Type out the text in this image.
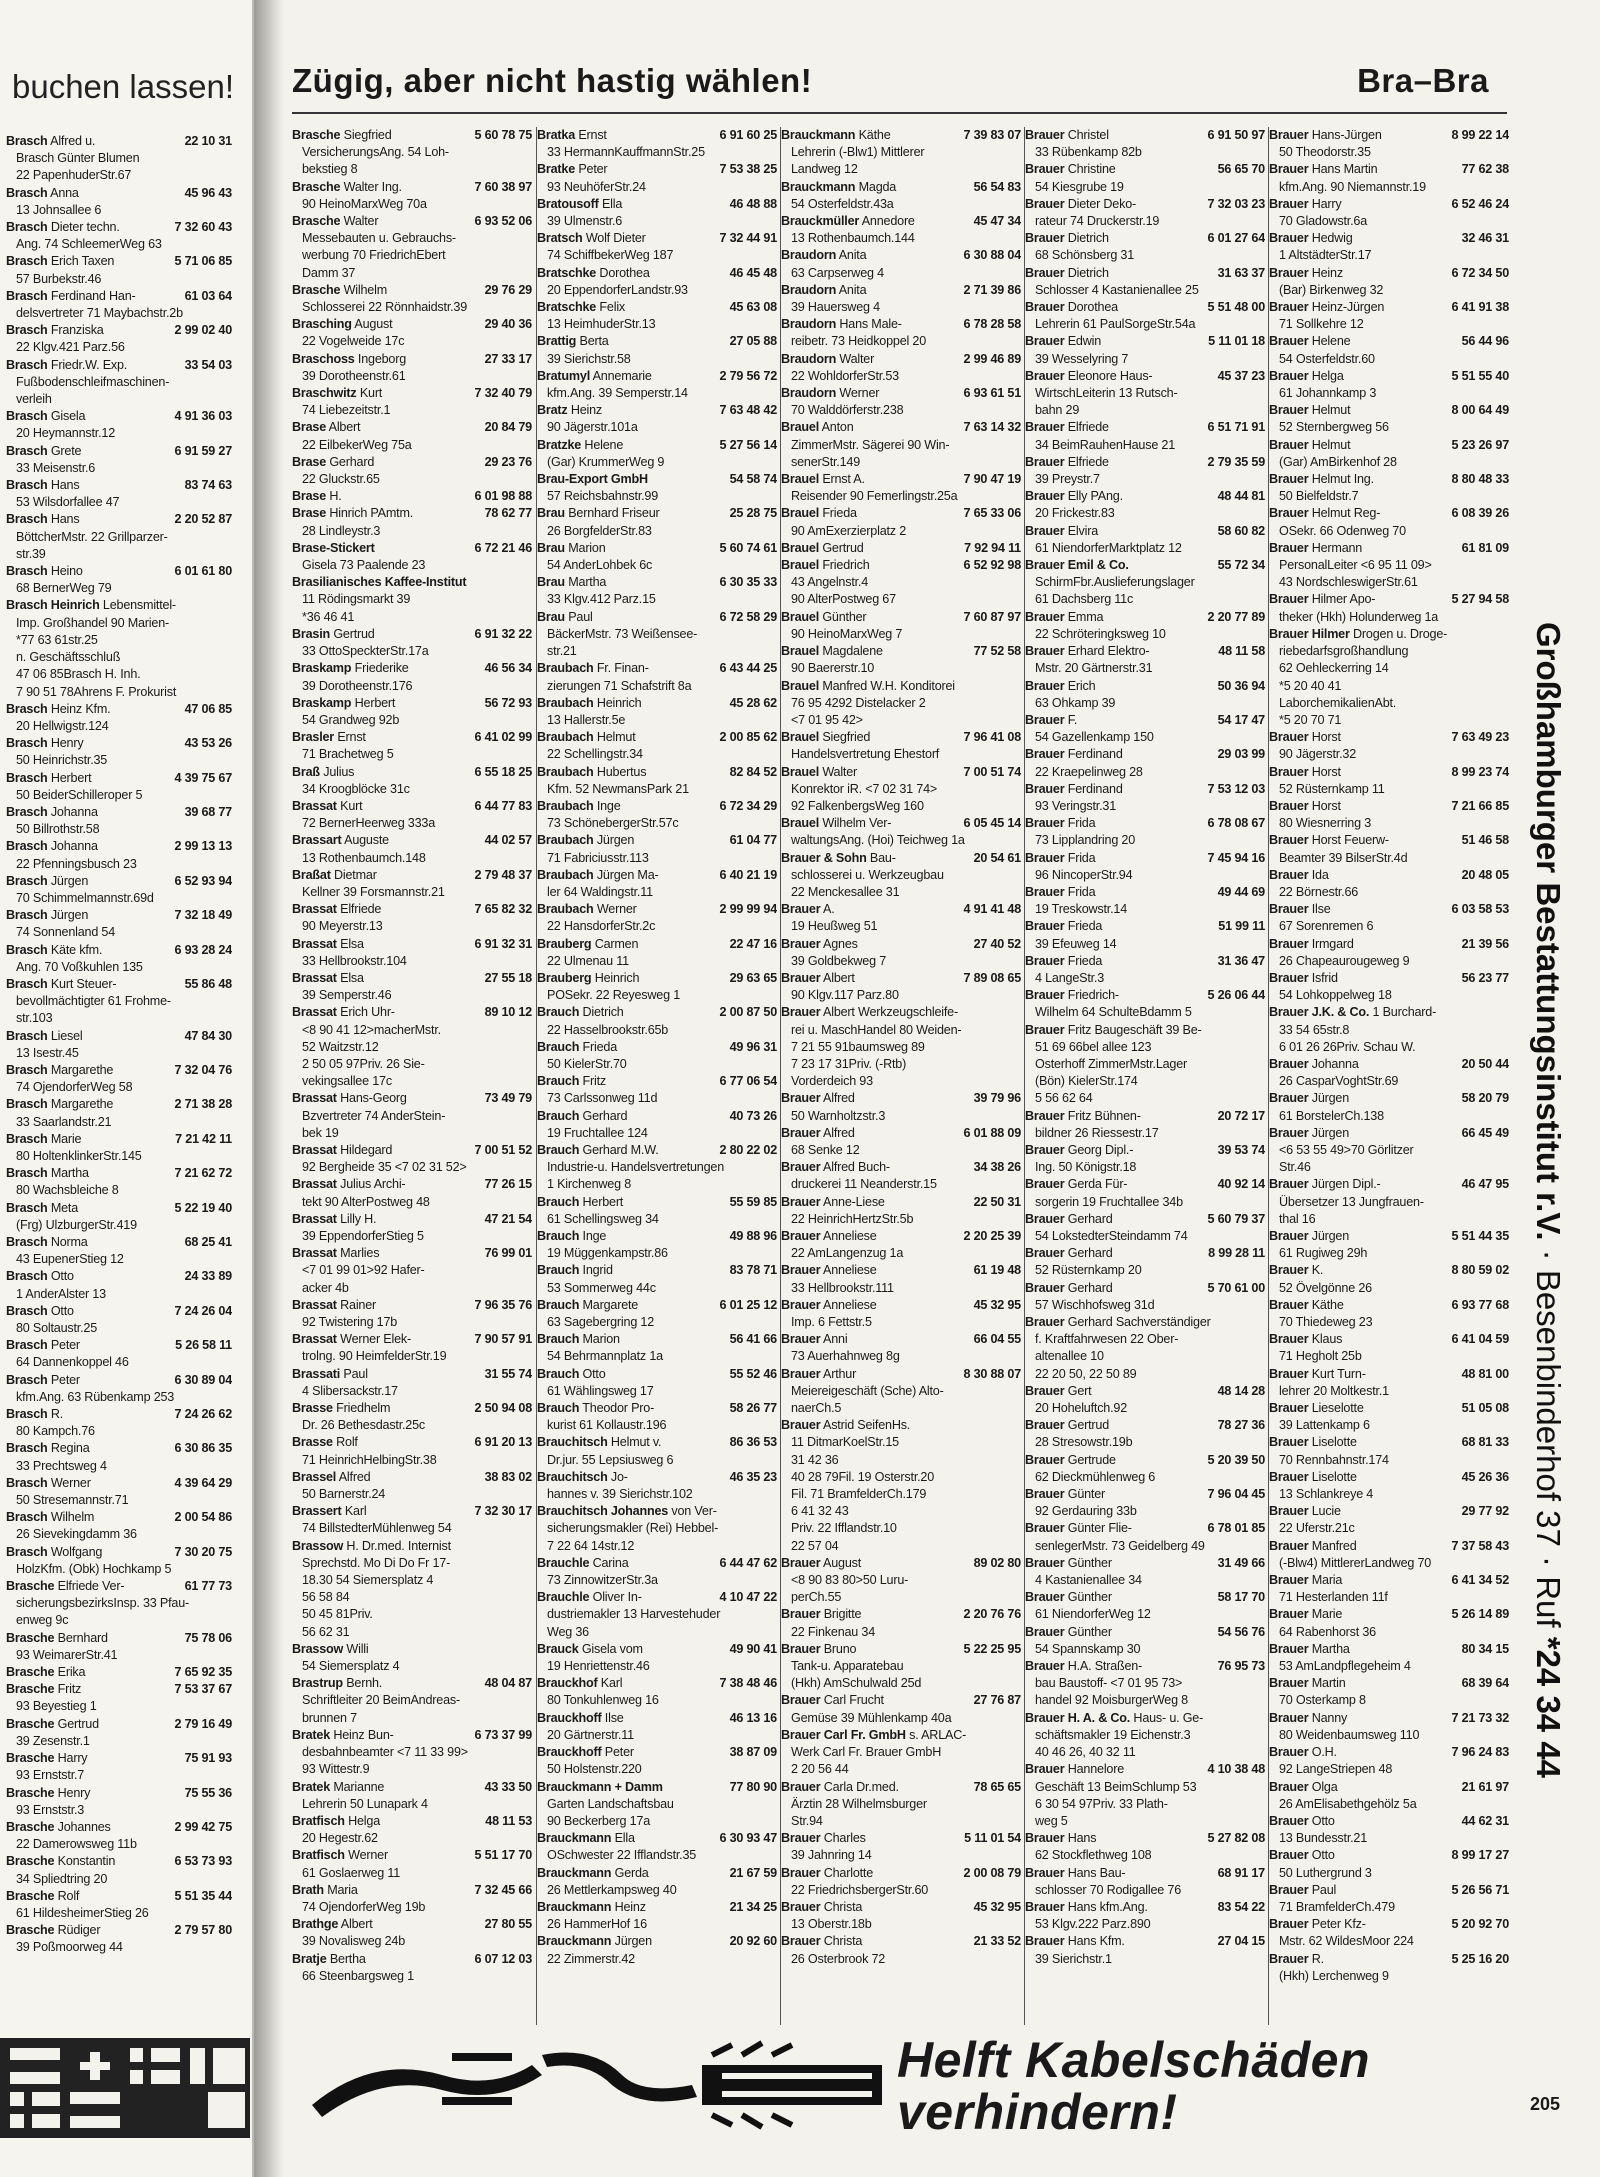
buchen lassen!
22 10 31
Brasch Alfred u.
Brasch Günter Blumen
22 PapenhuderStr.67
45 96 43
Brasch Anna
13 Johnsallee 6
7 32 60 43
Brasch Dieter techn.
Ang. 74 SchleemerWeg 63
5 71 06 85
Brasch Erich Taxen
57 Burbekstr.46
61 03 64
Brasch Ferdinand Han-
delsvertreter 71 Maybachstr.2b
2 99 02 40
Brasch Franziska
22 Klgv.421 Parz.56
33 54 03
Brasch Friedr.W. Exp.
Fußbodenschleifmaschinen-
verleih
4 91 36 03
Brasch Gisela
20 Heymannstr.12
6 91 59 27
Brasch Grete
33 Meisenstr.6
83 74 63
Brasch Hans
53 Wilsdorfallee 47
2 20 52 87
Brasch Hans
BöttcherMstr. 22 Grillparzer-
str.39
6 01 61 80
Brasch Heino
68 BernerWeg 79
Brasch Heinrich Lebensmittel-
Imp. Großhandel 90 Marien-
*77 63 61str.25
n. Geschäftsschluß
47 06 85Brasch H. Inh.
7 90 51 78Ahrens F. Prokurist
47 06 85
Brasch Heinz Kfm.
20 Hellwigstr.124
43 53 26
Brasch Henry
50 Heinrichstr.35
4 39 75 67
Brasch Herbert
50 BeiderSchilleroper 5
39 68 77
Brasch Johanna
50 Billrothstr.58
2 99 13 13
Brasch Johanna
22 Pfenningsbusch 23
6 52 93 94
Brasch Jürgen
70 Schimmelmannstr.69d
7 32 18 49
Brasch Jürgen
74 Sonnenland 54
6 93 28 24
Brasch Käte kfm.
Ang. 70 Voßkuhlen 135
55 86 48
Brasch Kurt Steuer-
bevollmächtigter 61 Frohme-
str.103
47 84 30
Brasch Liesel
13 Isestr.45
7 32 04 76
Brasch Margarethe
74 OjendorferWeg 58
2 71 38 28
Brasch Margarethe
33 Saarlandstr.21
7 21 42 11
Brasch Marie
80 HoltenklinkerStr.145
7 21 62 72
Brasch Martha
80 Wachsbleiche 8
5 22 19 40
Brasch Meta
(Frg) UlzburgerStr.419
68 25 41
Brasch Norma
43 EupenerStieg 12
24 33 89
Brasch Otto
1 AnderAlster 13
7 24 26 04
Brasch Otto
80 Soltaustr.25
5 26 58 11
Brasch Peter
64 Dannenkoppel 46
6 30 89 04
Brasch Peter
kfm.Ang. 63 Rübenkamp 253
7 24 26 62
Brasch R.
80 Kampch.76
6 30 86 35
Brasch Regina
33 Prechtsweg 4
4 39 64 29
Brasch Werner
50 Stresemannstr.71
2 00 54 86
Brasch Wilhelm
26 Sievekingdamm 36
7 30 20 75
Brasch Wolfgang
HolzKfm. (Obk) Hochkamp 5
61 77 73
Brasche Elfriede Ver-
sicherungsbezirksInsp. 33 Pfau-
enweg 9c
75 78 06
Brasche Bernhard
93 WeimarerStr.41
7 65 92 35
Brasche Erika
7 53 37 67
Brasche Fritz
93 Beyestieg 1
2 79 16 49
Brasche Gertrud
39 Zesenstr.1
75 91 93
Brasche Harry
93 Ernststr.7
75 55 36
Brasche Henry
93 Ernststr.3
2 99 42 75
Brasche Johannes
22 Damerowsweg 11b
6 53 73 93
Brasche Konstantin
34 Spliedtring 20
5 51 35 44
Brasche Rolf
61 HildesheimerStieg 26
2 79 57 80
Brasche Rüdiger
39 Poßmoorweg 44
Zügig, aber nicht hastig wählen!	Bra–Bra
5 60 78 75
Brasche Siegfried
VersicherungsAng. 54 Loh-
bekstieg 8
7 60 38 97
Brasche Walter Ing.
90 HeinoMarxWeg 70a
6 93 52 06
Brasche Walter
Messebauten u. Gebrauchs-
werbung 70 FriedrichEbert
Damm 37
29 76 29
Brasche Wilhelm
Schlosserei 22 Rönnhaidstr.39
29 40 36
Brasching August
22 Vogelweide 17c
27 33 17
Braschoss Ingeborg
39 Dorotheenstr.61
7 32 40 79
Braschwitz Kurt
74 Liebezeitstr.1
20 84 79
Brase Albert
22 EilbekerWeg 75a
29 23 76
Brase Gerhard
22 Gluckstr.65
6 01 98 88
Brase H.
78 62 77
Brase Hinrich PAmtm.
28 Lindleystr.3
6 72 21 46
Brase-Stickert
Gisela 73 Paalende 23
Brasilianisches Kaffee-Institut
11 Rödingsmarkt 39
*36 46 41
6 91 32 22
Brasin Gertrud
33 OttoSpeckterStr.17a
46 56 34
Braskamp Friederike
39 Dorotheenstr.176
56 72 93
Braskamp Herbert
54 Grandweg 92b
6 41 02 99
Brasler Ernst
71 Brachetweg 5
6 55 18 25
Braß Julius
34 Kroogblöcke 31c
6 44 77 83
Brassat Kurt
72 BernerHeerweg 333a
44 02 57
Brassart Auguste
13 Rothenbaumch.148
2 79 48 37
Braßat Dietmar
Kellner 39 Forsmannstr.21
7 65 82 32
Brassat Elfriede
90 Meyerstr.13
6 91 32 31
Brassat Elsa
33 Hellbrookstr.104
27 55 18
Brassat Elsa
39 Semperstr.46
89 10 12
Brassat Erich Uhr-
<8 90 41 12>macherMstr.
52 Waitzstr.12
2 50 05 97Priv. 26 Sie-
vekingsallee 17c
73 49 79
Brassat Hans-Georg
Bzvertreter 74 AnderStein-
bek 19
7 00 51 52
Brassat Hildegard
92 Bergheide 35 <7 02 31 52>
77 26 15
Brassat Julius Archi-
tekt 90 AlterPostweg 48
47 21 54
Brassat Lilly H.
39 EppendorferStieg 5
76 99 01
Brassat Marlies
<7 01 99 01>92 Hafer-
acker 4b
7 96 35 76
Brassat Rainer
92 Twistering 17b
7 90 57 91
Brassat Werner Elek-
trolng. 90 HeimfelderStr.19
31 55 74
Brassati Paul
4 Slibersackstr.17
2 50 94 08
Brasse Friedhelm
Dr. 26 Bethesdastr.25c
6 91 20 13
Brasse Rolf
71 HeinrichHelbingStr.38
38 83 02
Brassel Alfred
50 Barnerstr.24
7 32 30 17
Brassert Karl
74 BillstedterMühlenweg 54
Brassow H. Dr.med. Internist
Sprechstd. Mo Di Do Fr 17-
18.30 54 Siemersplatz 4
56 58 84
50 45 81Priv.
56 62 31
Brassow Willi
54 Siemersplatz 4
48 04 87
Brastrup Bernh.
Schriftleiter 20 BeimAndreas-
brunnen 7
6 73 37 99
Bratek Heinz Bun-
desbahnbeamter <7 11 33 99>
93 Wittestr.9
43 33 50
Bratek Marianne
Lehrerin 50 Lunapark 4
48 11 53
Bratfisch Helga
20 Hegestr.62
5 51 17 70
Bratfisch Werner
61 Goslaerweg 11
7 32 45 66
Brath Maria
74 OjendorferWeg 19b
27 80 55
Brathge Albert
39 Novalisweg 24b
6 07 12 03
Bratje Bertha
66 Steenbargsweg 1
6 91 60 25
Bratka Ernst
33 HermannKauffmannStr.25
7 53 38 25
Bratke Peter
93 NeuhöferStr.24
46 48 88
Bratousoff Ella
39 Ulmenstr.6
7 32 44 91
Bratsch Wolf Dieter
74 SchiffbekerWeg 187
46 45 48
Bratschke Dorothea
20 EppendorferLandstr.93
45 63 08
Bratschke Felix
13 HeimhuderStr.13
27 05 88
Brattig Berta
39 Sierichstr.58
2 79 56 72
Bratumyl Annemarie
kfm.Ang. 39 Semperstr.14
7 63 48 42
Bratz Heinz
90 Jägerstr.101a
5 27 56 14
Bratzke Helene
(Gar) KrummerWeg 9
54 58 74
Brau-Export GmbH
57 Reichsbahnstr.99
25 28 75
Brau Bernhard Friseur
26 BorgfelderStr.83
5 60 74 61
Brau Marion
54 AnderLohbek 6c
6 30 35 33
Brau Martha
33 Klgv.412 Parz.15
6 72 58 29
Brau Paul
BäckerMstr. 73 Weißensee-
str.21
6 43 44 25
Braubach Fr. Finan-
zierungen 71 Schafstrift 8a
45 28 62
Braubach Heinrich
13 Hallerstr.5e
2 00 85 62
Braubach Helmut
22 Schellingstr.34
82 84 52
Braubach Hubertus
Kfm. 52 NewmansPark 21
6 72 34 29
Braubach Inge
73 SchönebergerStr.57c
61 04 77
Braubach Jürgen
71 Fabriciusstr.113
6 40 21 19
Braubach Jürgen Ma-
ler 64 Waldingstr.11
2 99 99 94
Braubach Werner
22 HansdorferStr.2c
22 47 16
Brauberg Carmen
22 Ulmenau 11
29 63 65
Brauberg Heinrich
POSekr. 22 Reyesweg 1
2 00 87 50
Brauch Dietrich
22 Hasselbrookstr.65b
49 96 31
Brauch Frieda
50 KielerStr.70
6 77 06 54
Brauch Fritz
73 Carlssonweg 11d
40 73 26
Brauch Gerhard
19 Fruchtallee 124
2 80 22 02
Brauch Gerhard M.W.
Industrie-u. Handelsvertretungen
1 Kirchenweg 8
55 59 85
Brauch Herbert
61 Schellingsweg 34
49 88 96
Brauch Inge
19 Müggenkampstr.86
83 78 71
Brauch Ingrid
53 Sommerweg 44c
6 01 25 12
Brauch Margarete
63 Sagebergring 12
56 41 66
Brauch Marion
54 Behrmannplatz 1a
55 52 46
Brauch Otto
61 Wählingsweg 17
58 26 77
Brauch Theodor Pro-
kurist 61 Kollaustr.196
86 36 53
Brauchitsch Helmut v.
Dr.jur. 55 Lepsiusweg 6
46 35 23
Brauchitsch Jo-
hannes v. 39 Sierichstr.102
Brauchitsch Johannes von Ver-
sicherungsmakler (Rei) Hebbel-
7 22 64 14str.12
6 44 47 62
Brauchle Carina
73 ZinnowitzerStr.3a
4 10 47 22
Brauchle Oliver In-
dustriemakler 13 Harvestehuder
Weg 36
49 90 41
Brauck Gisela vom
19 Henriettenstr.46
7 38 48 46
Brauckhof Karl
80 Tonkuhlenweg 16
46 13 16
Brauckhoff Ilse
20 Gärtnerstr.11
38 87 09
Brauckhoff Peter
50 Holstenstr.220
77 80 90
Brauckmann + Damm
Garten Landschaftsbau
90 Beckerberg 17a
6 30 93 47
Brauckmann Ella
OSchwester 22 Ifflandstr.35
21 67 59
Brauckmann Gerda
26 Mettlerkampsweg 40
21 34 25
Brauckmann Heinz
26 HammerHof 16
20 92 60
Brauckmann Jürgen
22 Zimmerstr.42
7 39 83 07
Brauckmann Käthe
Lehrerin (-Blw1) Mittlerer
Landweg 12
56 54 83
Brauckmann Magda
54 Osterfeldstr.43a
45 47 34
Brauckmüller Annedore
13 Rothenbaumch.144
6 30 88 04
Braudorn Anita
63 Carpserweg 4
2 71 39 86
Braudorn Anita
39 Hauersweg 4
6 78 28 58
Braudorn Hans Male-
reibetr. 73 Heidkoppel 20
2 99 46 89
Braudorn Walter
22 WohldorferStr.53
6 93 61 51
Braudorn Werner
70 Walddörferstr.238
7 63 14 32
Brauel Anton
ZimmerMstr. Sägerei 90 Win-
senerStr.149
7 90 47 19
Brauel Ernst A.
Reisender 90 Femerlingstr.25a
7 65 33 06
Brauel Frieda
90 AmExerzierplatz 2
7 92 94 11
Brauel Gertrud
6 52 92 98
Brauel Friedrich
43 Angelnstr.4
90 AlterPostweg 67
7 60 87 97
Brauel Günther
90 HeinoMarxWeg 7
77 52 58
Brauel Magdalene
90 Baererstr.10
Brauel Manfred W.H. Konditorei
76 95 4292 Distelacker 2
<7 01 95 42>
7 96 41 08
Brauel Siegfried
Handelsvertretung Ehestorf
7 00 51 74
Brauel Walter
Konrektor iR. <7 02 31 74>
92 FalkenbergsWeg 160
6 05 45 14
Brauel Wilhelm Ver-
waltungsAng. (Hoi) Teichweg 1a
20 54 61
Brauer & Sohn Bau-
schlosserei u. Werkzeugbau
22 Menckesallee 31
4 91 41 48
Brauer A.
19 Heußweg 51
27 40 52
Brauer Agnes
39 Goldbekweg 7
7 89 08 65
Brauer Albert
90 Klgv.117 Parz.80
Brauer Albert Werkzeugschleife-
rei u. MaschHandel 80 Weiden-
7 21 55 91baumsweg 89
7 23 17 31Priv. (-Rtb)
Vorderdeich 93
39 79 96
Brauer Alfred
50 Warnholtzstr.3
6 01 88 09
Brauer Alfred
68 Senke 12
34 38 26
Brauer Alfred Buch-
druckerei 11 Neanderstr.15
22 50 31
Brauer Anne-Liese
22 HeinrichHertzStr.5b
2 20 25 39
Brauer Anneliese
22 AmLangenzug 1a
61 19 48
Brauer Anneliese
33 Hellbrookstr.111
45 32 95
Brauer Anneliese
Imp. 6 Fettstr.5
66 04 55
Brauer Anni
73 Auerhahnweg 8g
8 30 88 07
Brauer Arthur
Meiereigeschäft (Sche) Alto-
naerCh.5
Brauer Astrid SeifenHs.
11 DitmarKoelStr.15
31 42 36
40 28 79Fil. 19 Osterstr.20
Fil. 71 BramfelderCh.179
6 41 32 43
Priv. 22 Ifflandstr.10
22 57 04
89 02 80
Brauer August
<8 90 83 80>50 Luru-
perCh.55
2 20 76 76
Brauer Brigitte
22 Finkenau 34
5 22 25 95
Brauer Bruno
Tank-u. Apparatebau
(Hkh) AmSchulwald 25d
27 76 87
Brauer Carl Frucht
Gemüse 39 Mühlenkamp 40a
Brauer Carl Fr. GmbH s. ARLAC-
Werk Carl Fr. Brauer GmbH
2 20 56 44
78 65 65
Brauer Carla Dr.med.
Ärztin 28 Wilhelmsburger
Str.94
5 11 01 54
Brauer Charles
39 Jahnring 14
2 00 08 79
Brauer Charlotte
22 FriedrichsbergerStr.60
45 32 95
Brauer Christa
13 Oberstr.18b
21 33 52
Brauer Christa
26 Osterbrook 72
6 91 50 97
Brauer Christel
33 Rübenkamp 82b
56 65 70
Brauer Christine
54 Kiesgrube 19
7 32 03 23
Brauer Dieter Deko-
rateur 74 Druckerstr.19
6 01 27 64
Brauer Dietrich
68 Schönsberg 31
31 63 37
Brauer Dietrich
Schlosser 4 Kastanienallee 25
5 51 48 00
Brauer Dorothea
Lehrerin 61 PaulSorgeStr.54a
5 11 01 18
Brauer Edwin
39 Wesselyring 7
45 37 23
Brauer Eleonore Haus-
WirtschLeiterin 13 Rutsch-
bahn 29
6 51 71 91
Brauer Elfriede
34 BeimRauhenHause 21
2 79 35 59
Brauer Elfriede
39 Preystr.7
48 44 81
Brauer Elly PAng.
20 Frickestr.83
58 60 82
Brauer Elvira
61 NiendorferMarktplatz 12
55 72 34
Brauer Emil & Co.
SchirmFbr.Auslieferungslager
61 Dachsberg 11c
2 20 77 89
Brauer Emma
22 Schröteringksweg 10
48 11 58
Brauer Erhard Elektro-
Mstr. 20 Gärtnerstr.31
50 36 94
Brauer Erich
63 Ohkamp 39
54 17 47
Brauer F.
54 Gazellenkamp 150
29 03 99
Brauer Ferdinand
22 Kraepelinweg 28
7 53 12 03
Brauer Ferdinand
93 Veringstr.31
6 78 08 67
Brauer Frida
73 Lipplandring 20
7 45 94 16
Brauer Frida
96 NincoperStr.94
49 44 69
Brauer Frida
19 Treskowstr.14
51 99 11
Brauer Frieda
39 Efeuweg 14
31 36 47
Brauer Frieda
4 LangeStr.3
5 26 06 44
Brauer Friedrich-
Wilhelm 64 SchulteBdamm 5
Brauer Fritz Baugeschäft 39 Be-
51 69 66bel allee 123
Osterhoff ZimmerMstr.Lager
(Bön) KielerStr.174
5 56 62 64
20 72 17
Brauer Fritz Bühnen-
bildner 26 Riessestr.17
39 53 74
Brauer Georg Dipl.-
Ing. 50 Königstr.18
40 92 14
Brauer Gerda Für-
sorgerin 19 Fruchtallee 34b
5 60 79 37
Brauer Gerhard
54 LokstedterSteindamm 74
8 99 28 11
Brauer Gerhard
52 Rüsternkamp 20
5 70 61 00
Brauer Gerhard
57 Wischhofsweg 31d
Brauer Gerhard Sachverständiger
f. Kraftfahrwesen 22 Ober-
altenallee 10
22 20 50, 22 50 89
48 14 28
Brauer Gert
20 Hoheluftch.92
78 27 36
Brauer Gertrud
28 Stresowstr.19b
5 20 39 50
Brauer Gertrude
62 Dieckmühlenweg 6
7 96 04 45
Brauer Günter
92 Gerdauring 33b
6 78 01 85
Brauer Günter Flie-
senlegerMstr. 73 Geidelberg 49
31 49 66
Brauer Günther
4 Kastanienallee 34
58 17 70
Brauer Günther
61 NiendorferWeg 12
54 56 76
Brauer Günther
54 Spannskamp 30
76 95 73
Brauer H.A. Straßen-
bau Baustoff- <7 01 95 73>
handel 92 MoisburgerWeg 8
Brauer H. A. & Co. Haus- u. Ge-
schäftsmakler 19 Eichenstr.3
40 46 26, 40 32 11
4 10 38 48
Brauer Hannelore
Geschäft 13 BeimSchlump 53
6 30 54 97Priv. 33 Plath-
weg 5
5 27 82 08
Brauer Hans
62 Stockflethweg 108
68 91 17
Brauer Hans Bau-
schlosser 70 Rodigallee 76
83 54 22
Brauer Hans kfm.Ang.
53 Klgv.222 Parz.890
27 04 15
Brauer Hans Kfm.
39 Sierichstr.1
8 99 22 14
Brauer Hans-Jürgen
50 Theodorstr.35
77 62 38
Brauer Hans Martin
kfm.Ang. 90 Niemannstr.19
6 52 46 24
Brauer Harry
70 Gladowstr.6a
32 46 31
Brauer Hedwig
1 AltstädterStr.17
6 72 34 50
Brauer Heinz
(Bar) Birkenweg 32
6 41 91 38
Brauer Heinz-Jürgen
71 Sollkehre 12
56 44 96
Brauer Helene
54 Osterfeldstr.60
5 51 55 40
Brauer Helga
61 Johannkamp 3
8 00 64 49
Brauer Helmut
52 Sternbergweg 56
5 23 26 97
Brauer Helmut
(Gar) AmBirkenhof 28
8 80 48 33
Brauer Helmut Ing.
50 Bielfeldstr.7
6 08 39 26
Brauer Helmut Reg-
OSekr. 66 Odenweg 70
61 81 09
Brauer Hermann
PersonalLeiter <6 95 11 09>
43 NordschleswigerStr.61
5 27 94 58
Brauer Hilmer Apo-
theker (Hkh) Holunderweg 1a
Brauer Hilmer Drogen u. Droge-
riebedarfsgroßhandlung
62 Oehleckerring 14
*5 20 40 41
LaborchemikalienAbt.
*5 20 70 71
7 63 49 23
Brauer Horst
90 Jägerstr.32
8 99 23 74
Brauer Horst
52 Rüsternkamp 11
7 21 66 85
Brauer Horst
80 Wiesnerring 3
51 46 58
Brauer Horst Feuerw-
Beamter 39 BilserStr.4d
20 48 05
Brauer Ida
22 Börnestr.66
6 03 58 53
Brauer Ilse
67 Sorenremen 6
21 39 56
Brauer Irmgard
26 Chapeaurougeweg 9
56 23 77
Brauer Isfrid
54 Lohkoppelweg 18
Brauer J.K. & Co. 1 Burchard-
33 54 65str.8
6 01 26 26Priv. Schau W.
20 50 44
Brauer Johanna
26 CasparVoghtStr.69
58 20 79
Brauer Jürgen
61 BorstelerCh.138
66 45 49
Brauer Jürgen
<6 53 55 49>70 Görlitzer
Str.46
46 47 95
Brauer Jürgen Dipl.-
Übersetzer 13 Jungfrauen-
thal 16
5 51 44 35
Brauer Jürgen
61 Rugiweg 29h
8 80 59 02
Brauer K.
52 Övelgönne 26
6 93 77 68
Brauer Käthe
70 Thiedeweg 23
6 41 04 59
Brauer Klaus
71 Hegholt 25b
48 81 00
Brauer Kurt Turn-
lehrer 20 Moltkestr.1
51 05 08
Brauer Lieselotte
39 Lattenkamp 6
68 81 33
Brauer Liselotte
70 Rennbahnstr.174
45 26 36
Brauer Liselotte
13 Schlankreye 4
29 77 92
Brauer Lucie
22 Uferstr.21c
7 37 58 43
Brauer Manfred
(-Blw4) MittlererLandweg 70
6 41 34 52
Brauer Maria
71 Hesterlanden 11f
5 26 14 89
Brauer Marie
64 Rabenhorst 36
80 34 15
Brauer Martha
53 AmLandpflegeheim 4
68 39 64
Brauer Martin
70 Osterkamp 8
7 21 73 32
Brauer Nanny
80 Weidenbaumsweg 110
7 96 24 83
Brauer O.H.
92 LangeStriepen 48
21 61 97
Brauer Olga
26 AmElisabethgehölz 5a
44 62 31
Brauer Otto
13 Bundesstr.21
8 99 17 27
Brauer Otto
50 Luthergrund 3
5 26 56 71
Brauer Paul
71 BramfelderCh.479
5 20 92 70
Brauer Peter Kfz-
Mstr. 62 WildesMoor 224
5 25 16 20
Brauer R.
(Hkh) Lerchenweg 9
Großhamburger Bestattungsinstitut r.V. · Besenbinderhof 37 · Ruf *24 34 44
Helft Kabelschäden
verhindern!	205
